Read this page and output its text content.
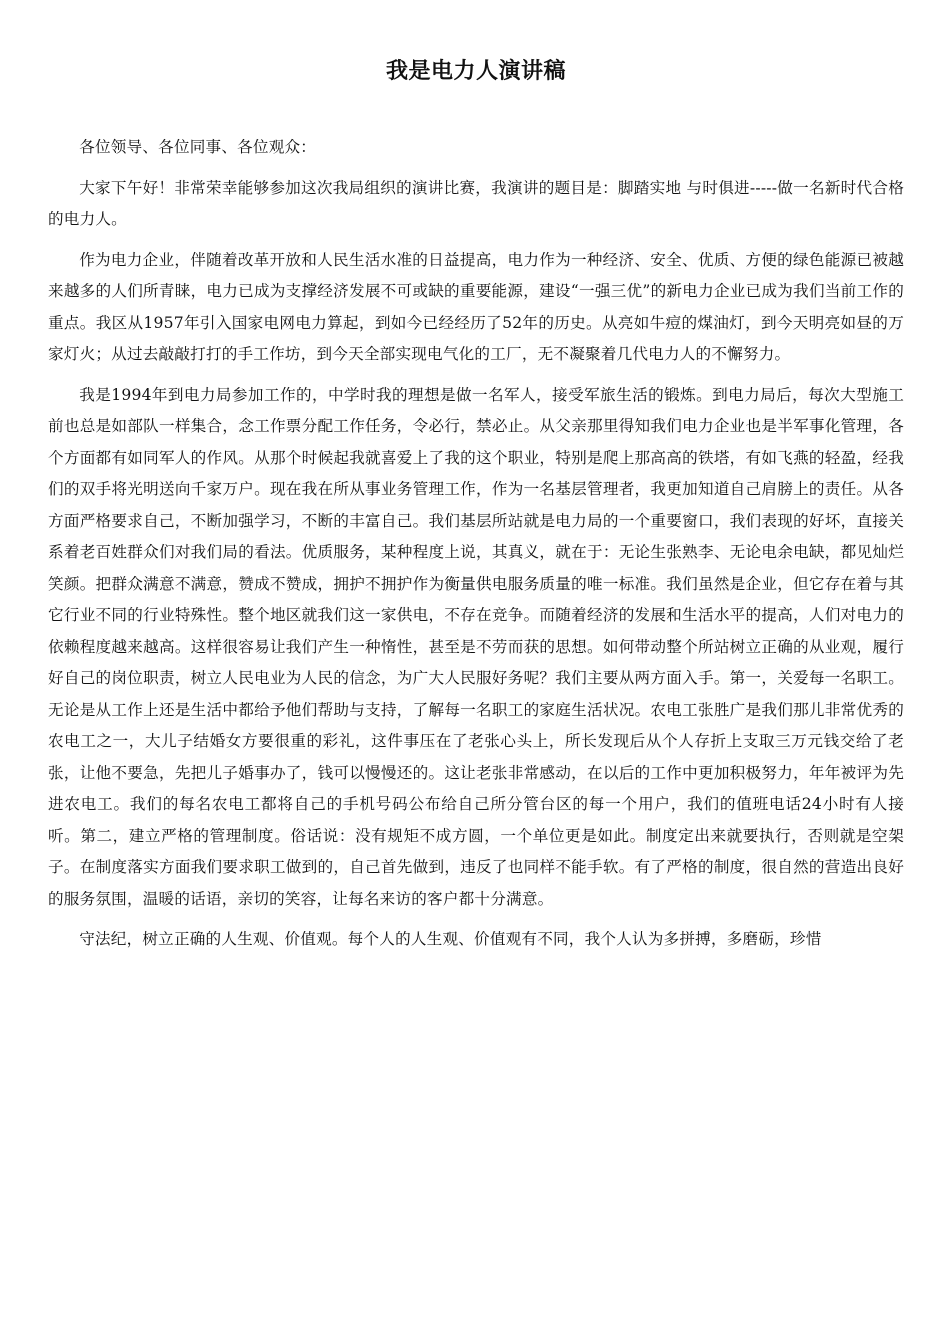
我是电力人演讲稿

各位领导、各位同事、各位观众：

大家下午好！非常荣幸能够参加这次我局组织的演讲比赛，我演讲的题目是：脚踏实地 与时俱进-----做一名新时代合格的电力人。

作为电力企业，伴随着改革开放和人民生活水准的日益提高，电力作为一种经济、安全、优质、方便的绿色能源已被越来越多的人们所青睐，电力已成为支撑经济发展不可或缺的重要能源，建设“一强三优”的新电力企业已成为我们当前工作的重点。我区从1957年引入国家电网电力算起，到如今已经经历了52年的历史。从亮如牛痘的煤油灯，到今天明亮如昼的万家灯火；从过去敲敲打打的手工作坊，到今天全部实现电气化的工厂，无不凝聚着几代电力人的不懈努力。

我是1994年到电力局参加工作的，中学时我的理想是做一名军人，接受军旅生活的锻炼。到电力局后，每次大型施工前也总是如部队一样集合，念工作票分配工作任务，令必行，禁必止。从父亲那里得知我们电力企业也是半军事化管理，各个方面都有如同军人的作风。从那个时候起我就喜爱上了我的这个职业，特别是爬上那高高的铁塔，有如飞燕的轻盈，经我们的双手将光明送向千家万户。现在我在所从事业务管理工作，作为一名基层管理者，我更加知道自己肩膀上的责任。从各方面严格要求自己，不断加强学习，不断的丰富自己。我们基层所站就是电力局的一个重要窗口，我们表现的好坏，直接关系着老百姓群众们对我们局的看法。优质服务，某种程度上说，其真义，就在于：无论生张熟李、无论电余电缺，都见灿烂笑颜。把群众满意不满意，赞成不赞成，拥护不拥护作为衡量供电服务质量的唯一标准。我们虽然是企业，但它存在着与其它行业不同的行业特殊性。整个地区就我们这一家供电，不存在竞争。而随着经济的发展和生活水平的提高，人们对电力的依赖程度越来越高。这样很容易让我们产生一种惰性，甚至是不劳而获的思想。如何带动整个所站树立正确的从业观，履行好自己的岗位职责，树立人民电业为人民的信念，为广大人民服好务呢？我们主要从两方面入手。第一，关爱每一名职工。无论是从工作上还是生活中都给予他们帮助与支持，了解每一名职工的家庭生活状况。农电工张胜广是我们那儿非常优秀的农电工之一，大儿子结婚女方要很重的彩礼，这件事压在了老张心头上，所长发现后从个人存折上支取三万元钱交给了老张，让他不要急，先把儿子婚事办了，钱可以慢慢还的。这让老张非常感动，在以后的工作中更加积极努力，年年被评为先进农电工。我们的每名农电工都将自己的手机号码公布给自己所分管台区的每一个用户，我们的值班电话24小时有人接听。第二，建立严格的管理制度。俗话说：没有规矩不成方圆，一个单位更是如此。制度定出来就要执行，否则就是空架子。在制度落实方面我们要求职工做到的，自己首先做到，违反了也同样不能手软。有了严格的制度，很自然的营造出良好的服务氛围，温暖的话语，亲切的笑容，让每名来访的客户都十分满意。

守法纪，树立正确的人生观、价值观。每个人的人生观、价值观有不同，我个人认为多拼搏，多磨砺，珍惜
